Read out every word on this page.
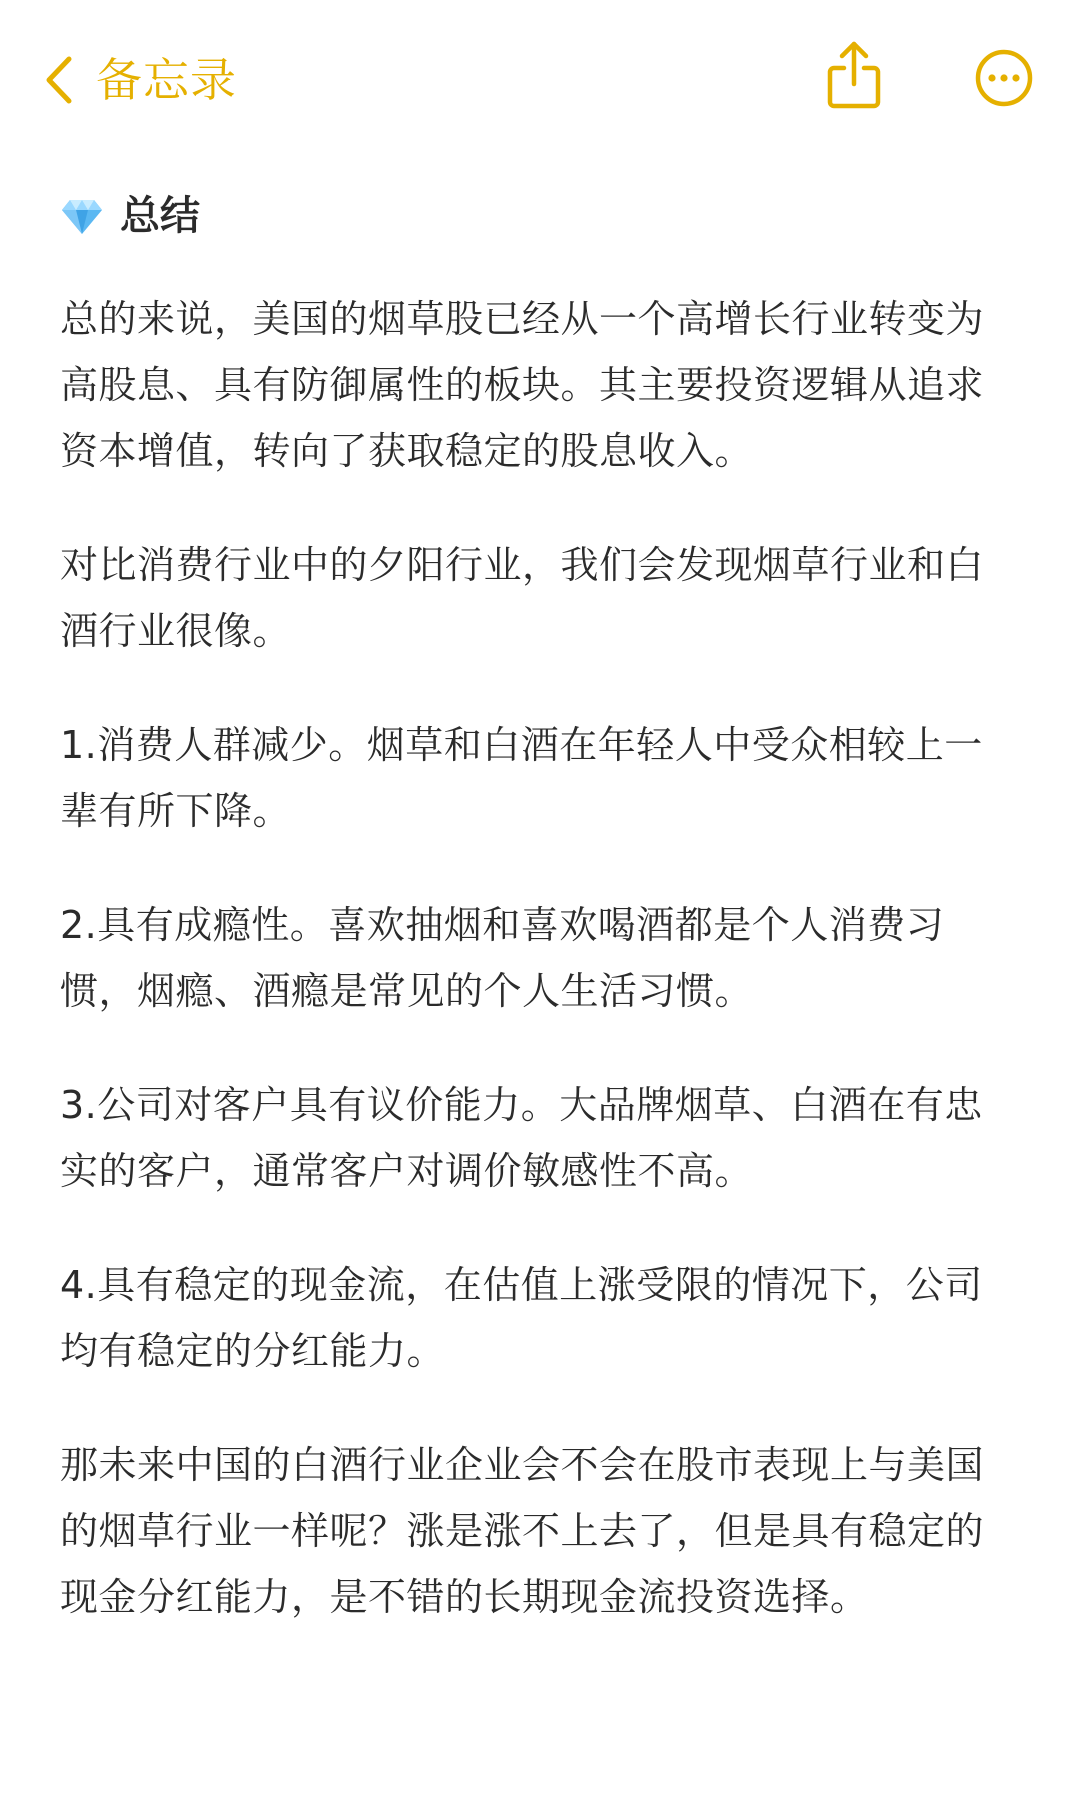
备忘录
总结

总的来说，美国的烟草股已经从一个高增长行业转变为高股息、具有防御属性的板块。其主要投资逻辑从追求资本增值，转向了获取稳定的股息收入。

对比消费行业中的夕阳行业，我们会发现烟草行业和白酒行业很像。

1.消费人群减少。烟草和白酒在年轻人中受众相较上一辈有所下降。

2.具有成瘾性。喜欢抽烟和喜欢喝酒都是个人消费习惯，烟瘾、酒瘾是常见的个人生活习惯。

3.公司对客户具有议价能力。大品牌烟草、白酒在有忠实的客户，通常客户对调价敏感性不高。

4.具有稳定的现金流，在估值上涨受限的情况下，公司均有稳定的分红能力。

那未来中国的白酒行业企业会不会在股市表现上与美国的烟草行业一样呢？涨是涨不上去了，但是具有稳定的现金分红能力，是不错的长期现金流投资选择。
